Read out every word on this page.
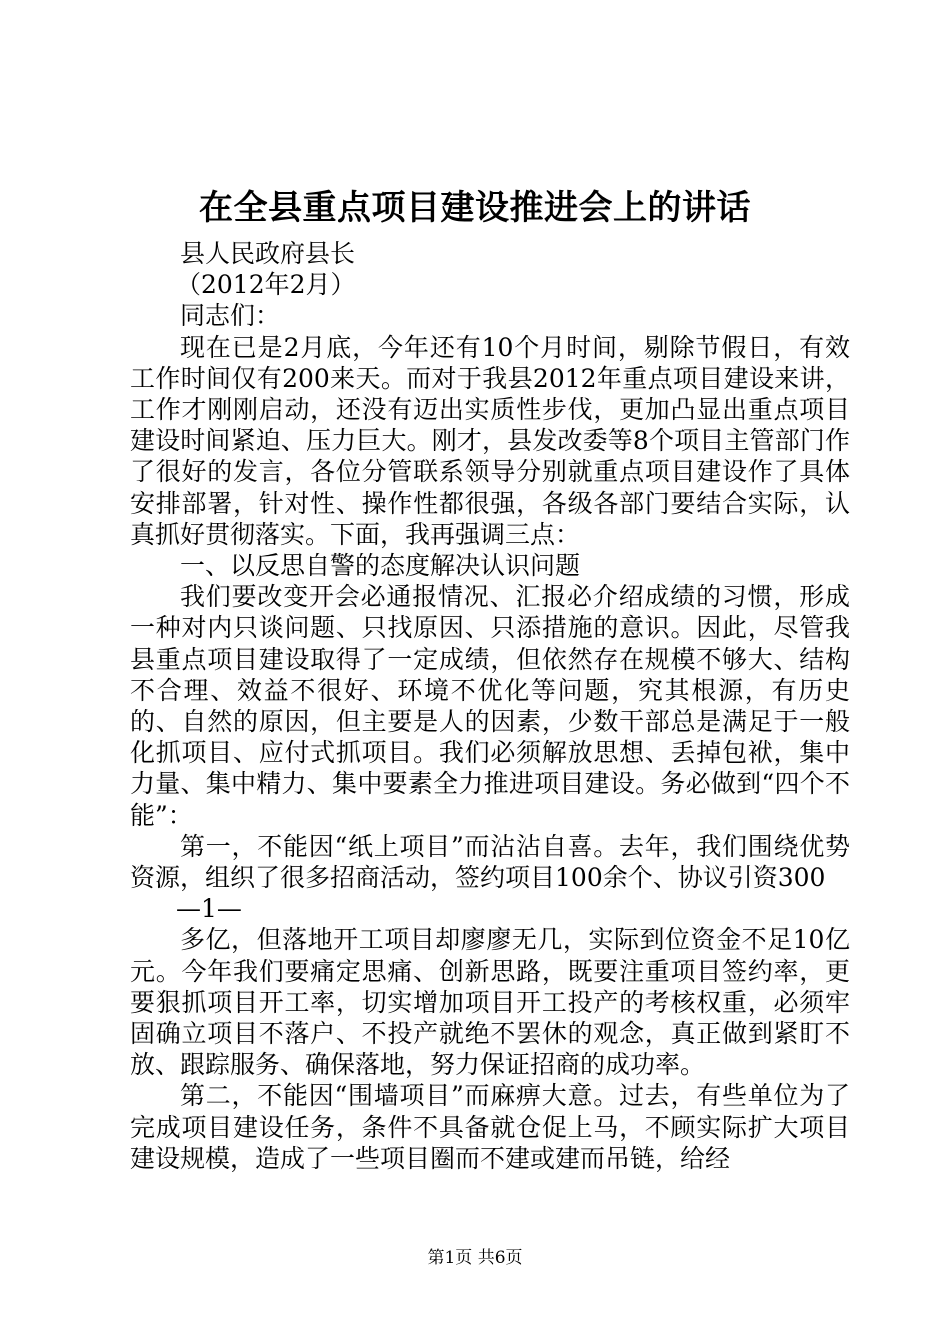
在全县重点项目建设推进会上的讲话

县人民政府县长

（2012年2月）

同志们：

现在已是2月底，今年还有10个月时间，剔除节假日，有效工作时间仅有200来天。而对于我县2012年重点项目建设来讲，工作才刚刚启动，还没有迈出实质性步伐，更加凸显出重点项目建设时间紧迫、压力巨大。刚才，县发改委等8个项目主管部门作了很好的发言，各位分管联系领导分别就重点项目建设作了具体安排部署，针对性、操作性都很强，各级各部门要结合实际，认真抓好贯彻落实。下面，我再强调三点：

一、以反思自警的态度解决认识问题

我们要改变开会必通报情况、汇报必介绍成绩的习惯，形成一种对内只谈问题、只找原因、只添措施的意识。因此，尽管我县重点项目建设取得了一定成绩，但依然存在规模不够大、结构不合理、效益不很好、环境不优化等问题，究其根源，有历史的、自然的原因，但主要是人的因素，少数干部总是满足于一般化抓项目、应付式抓项目。我们必须解放思想、丢掉包袱，集中力量、集中精力、集中要素全力推进项目建设。务必做到“四个不能”：

第一，不能因“纸上项目”而沾沾自喜。去年，我们围绕优势资源，组织了很多招商活动，签约项目100余个、协议引资300

—1—

多亿，但落地开工项目却廖廖无几，实际到位资金不足10亿元。今年我们要痛定思痛、创新思路，既要注重项目签约率，更要狠抓项目开工率，切实增加项目开工投产的考核权重，必须牢固确立项目不落户、不投产就绝不罢休的观念，真正做到紧盯不放、跟踪服务、确保落地，努力保证招商的成功率。

第二，不能因“围墙项目”而麻痹大意。过去，有些单位为了完成项目建设任务，条件不具备就仓促上马，不顾实际扩大项目建设规模，造成了一些项目圈而不建或建而吊链，给经

第1页 共6页
